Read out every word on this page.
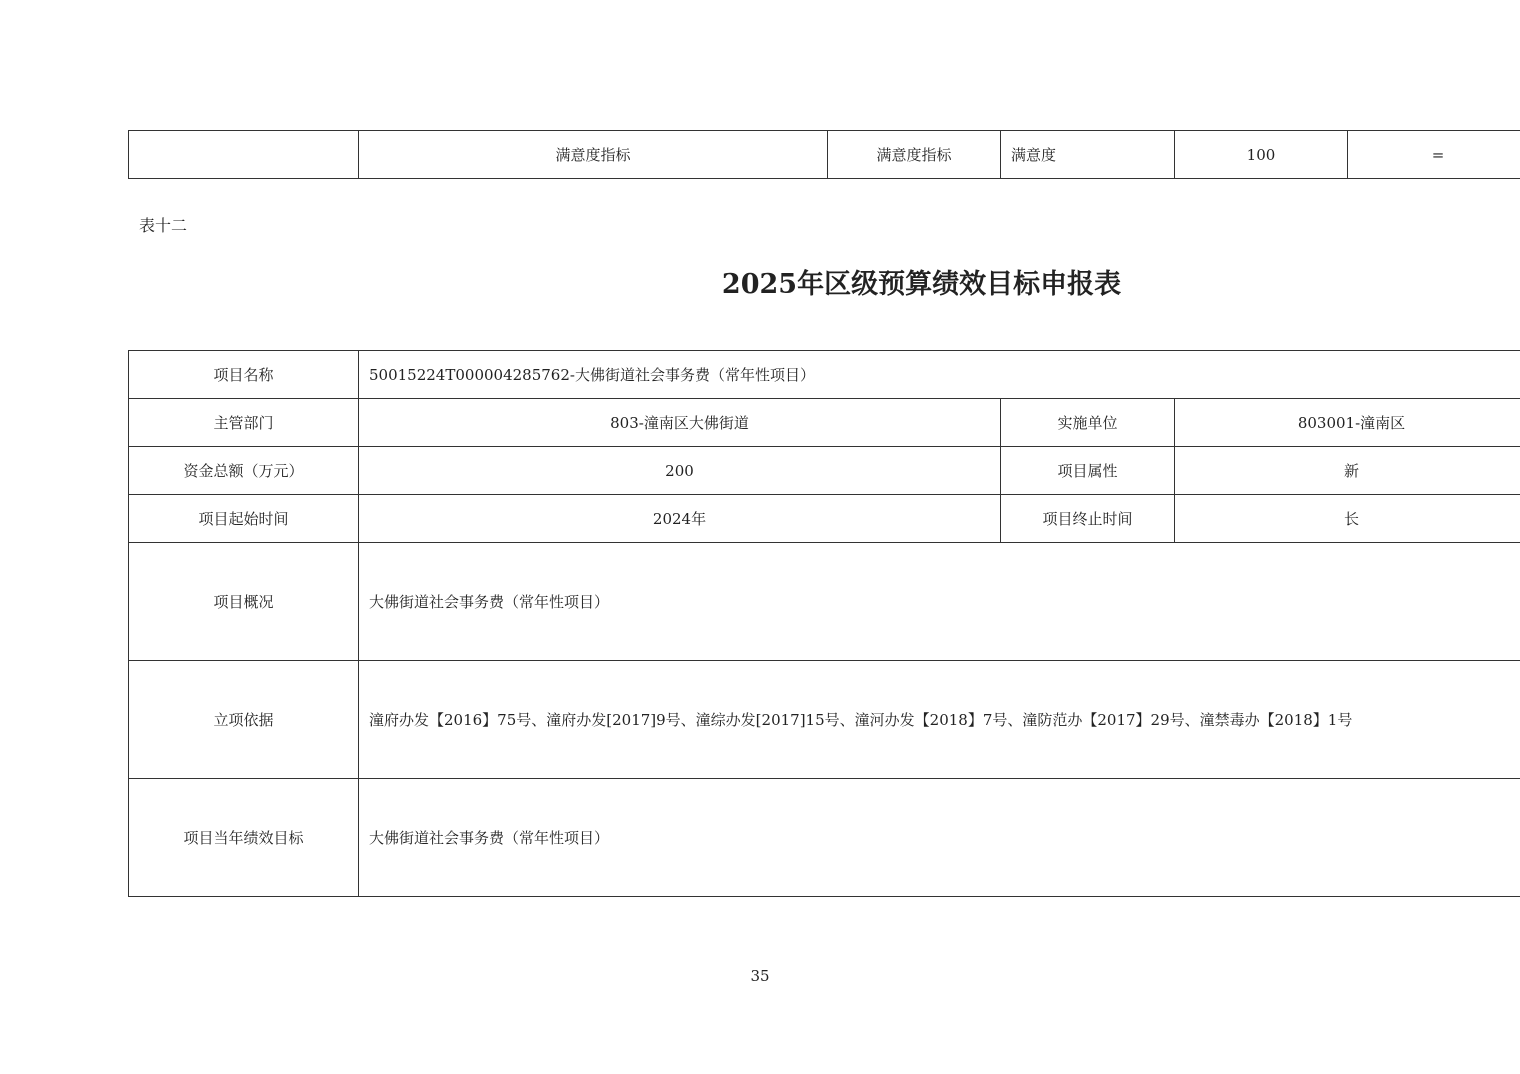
	满意度指标	满意度指标	满意度	100	=
表十二
2025年区级预算绩效目标申报表
项目名称	50015224T000004285762-大佛街道社会事务费（常年性项目）		
主管部门	803-潼南区大佛街道	实施单位	803001-潼南区
资金总额（万元）	200	项目属性	新
项目起始时间	2024年	项目终止时间	长
项目概况	大佛街道社会事务费（常年性项目）		
立项依据	潼府办发【2016】75号、潼府办发[2017]9号、潼综办发[2017]15号、潼河办发【2018】7号、潼防范办【2017】29号、潼禁毒办【2018】1号		
项目当年绩效目标	大佛街道社会事务费（常年性项目）		
35
